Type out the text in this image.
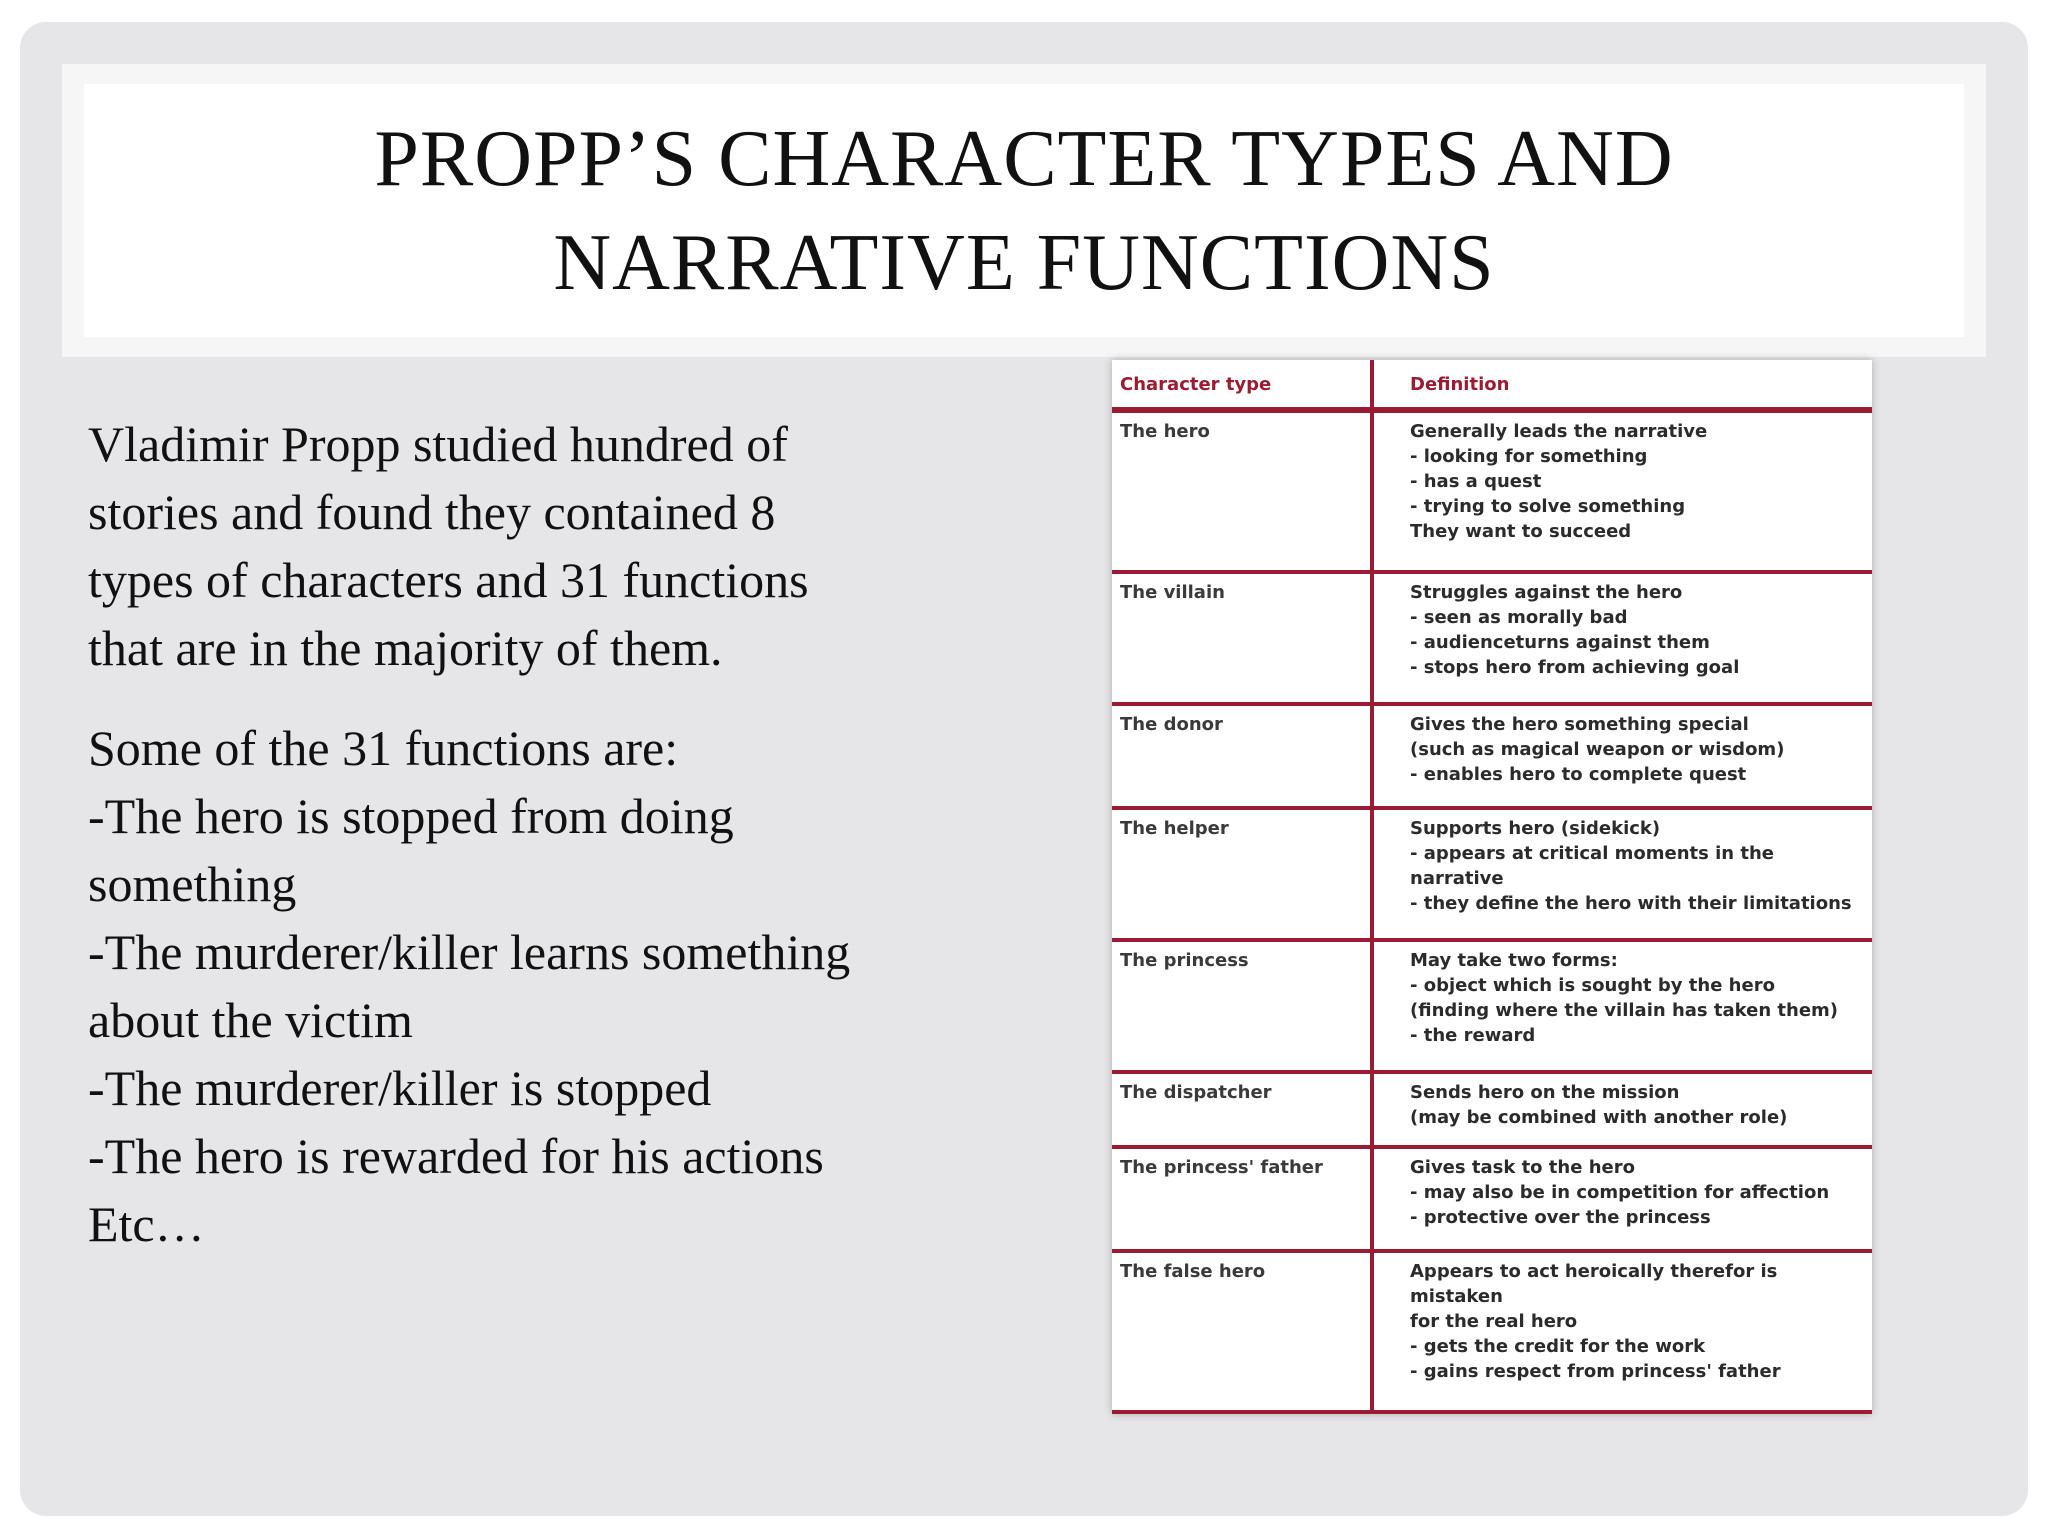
PROPP’S CHARACTER TYPES AND
NARRATIVE FUNCTIONS

Vladimir Propp studied hundred of
stories and found they contained 8
types of characters and 31 functions
that are in the majority of them.

Some of the 31 functions are:
-The hero is stopped from doing
something
-The murderer/killer learns something
about the victim
-The murderer/killer is stopped
-The hero is rewarded for his actions
Etc…

Character type	Definition
The hero	Generally leads the narrative
- looking for something
- has a quest
- trying to solve something
They want to succeed

The villain	Struggles against the hero
- seen as morally bad
- audienceturns against them
- stops hero from achieving goal

The donor	Gives the hero something special
(such as magical weapon or wisdom)
- enables hero to complete quest

The helper	Supports hero (sidekick)
- appears at critical moments in the narrative
- they define the hero with their limitations

The princess	May take two forms:
- object which is sought by the hero
(finding where the villain has taken them)
- the reward

The dispatcher	Sends hero on the mission
(may be combined with another role)

The princess' father	Gives task to the hero
- may also be in competition for affection
- protective over the princess

The false hero	Appears to act heroically therefor is mistaken
for the real hero
- gets the credit for the work
- gains respect from princess' father
